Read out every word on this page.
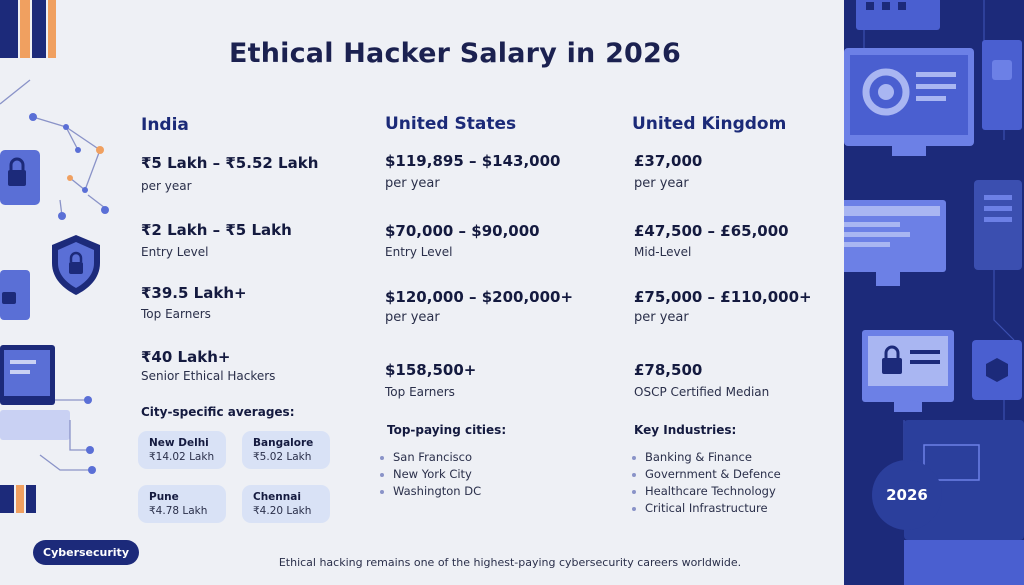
Ethical Hacker Salary in 2026
India
₹5 Lakh – ₹5.52 Lakh
per year
₹2 Lakh – ₹5 Lakh
Entry Level
₹39.5 Lakh+
Top Earners
₹40 Lakh+
Senior Ethical Hackers
City-specific averages:
New Delhi
₹14.02 Lakh
Bangalore
₹5.02 Lakh
Pune
₹4.78 Lakh
Chennai
₹4.20 Lakh
United States
$119,895 – $143,000
per year
$70,000 – $90,000
Entry Level
$120,000 – $200,000+
per year
$158,500+
Top Earners
Top-paying cities:
San Francisco
New York City
Washington DC
United Kingdom
£37,000
per year
£47,500 – £65,000
Mid-Level
£75,000 – £110,000+
per year
£78,500
OSCP Certified Median
Key Industries:
Banking & Finance
Government & Defence
Healthcare Technology
Critical Infrastructure
Cybersecurity
2026
Ethical hacking remains one of the highest-paying cybersecurity careers worldwide.
